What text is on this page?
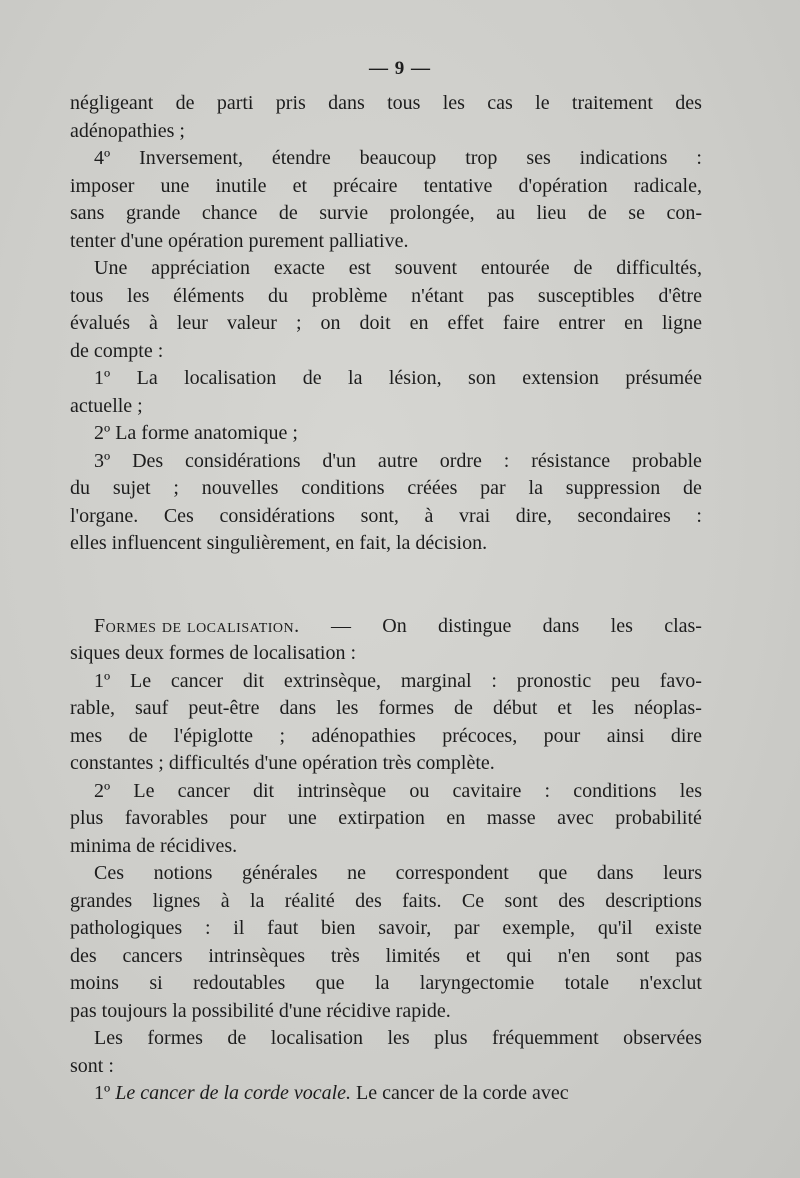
— 9 —
négligeant de parti pris dans tous les cas le traitement des
adénopathies ;
4º Inversement, étendre beaucoup trop ses indications :
imposer une inutile et précaire tentative d'opération radicale,
sans grande chance de survie prolongée, au lieu de se con-
tenter d'une opération purement palliative.
Une appréciation exacte est souvent entourée de difficultés,
tous les éléments du problème n'étant pas susceptibles d'être
évalués à leur valeur ; on doit en effet faire entrer en ligne
de compte :
1º La localisation de la lésion, son extension présumée
actuelle ;
2º La forme anatomique ;
3º Des considérations d'un autre ordre : résistance probable
du sujet ; nouvelles conditions créées par la suppression de
l'organe. Ces considérations sont, à vrai dire, secondaires :
elles influencent singulièrement, en fait, la décision.
Formes de localisation. — On distingue dans les clas-
siques deux formes de localisation :
1º Le cancer dit extrinsèque, marginal : pronostic peu favo-
rable, sauf peut-être dans les formes de début et les néoplas-
mes de l'épiglotte ; adénopathies précoces, pour ainsi dire
constantes ; difficultés d'une opération très complète.
2º Le cancer dit intrinsèque ou cavitaire : conditions les
plus favorables pour une extirpation en masse avec probabilité
minima de récidives.
Ces notions générales ne correspondent que dans leurs
grandes lignes à la réalité des faits. Ce sont des descriptions
pathologiques : il faut bien savoir, par exemple, qu'il existe
des cancers intrinsèques très limités et qui n'en sont pas
moins si redoutables que la laryngectomie totale n'exclut
pas toujours la possibilité d'une récidive rapide.
Les formes de localisation les plus fréquemment observées
sont :
1º Le cancer de la corde vocale. Le cancer de la corde avec
